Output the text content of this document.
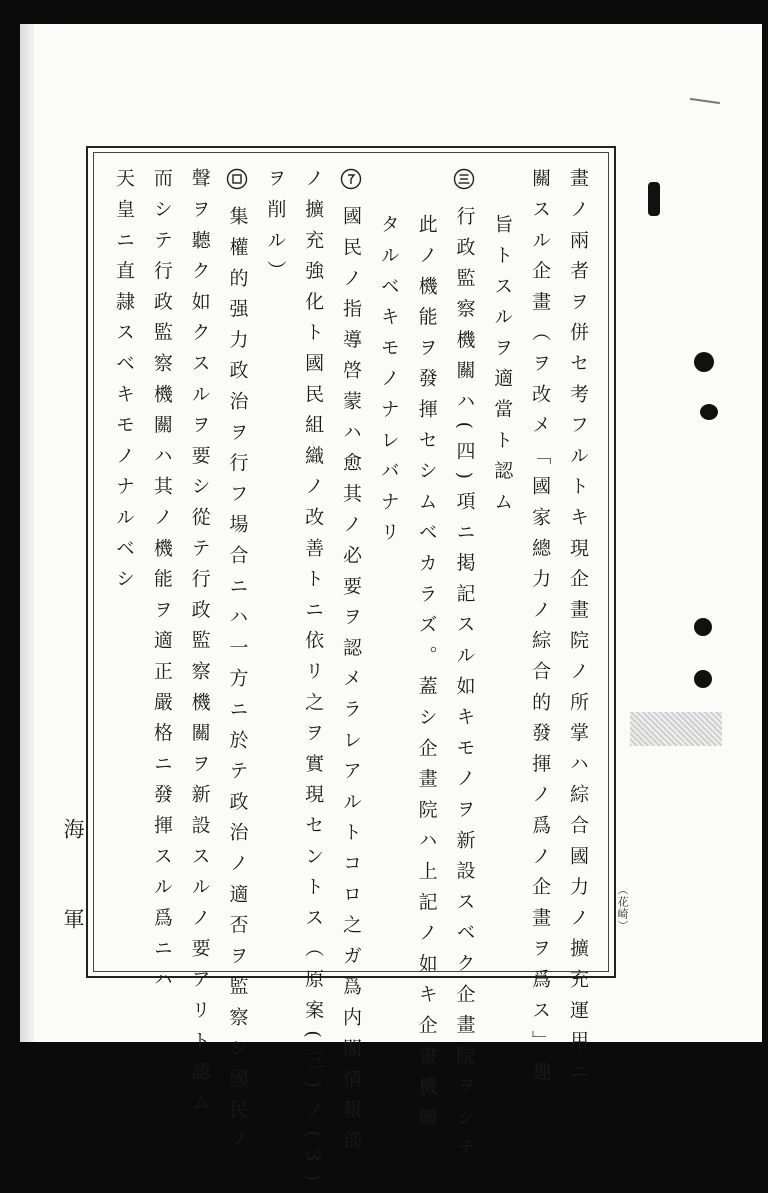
畫ノ兩者ヲ併セ考フルトキ現企畫院ノ所掌ハ綜合國力ノ擴充運用ニ
關スル企畫（ヲ改メ「國家總力ノ綜合的發揮ノ爲ノ企畫ヲ爲ス」趣
旨トスルヲ適當ト認ム
行政監察機關ハ(四)項ニ掲記スル如キモノヲ新設スベク企畫院ヲシテ
此ノ機能ヲ發揮セシムベカラズ。蓋シ企畫院ハ上記ノ如キ企畫機關
タルベキモノナレバナリ
國民ノ指導啓蒙ハ愈其ノ必要ヲ認メラレアルトコロ之ガ爲内閣情報部
ノ擴充強化ト國民組織ノ改善トニ依リ之ヲ實現セントス（原案(三)ノ(3)
ヲ削ル）
集權的强力政治ヲ行フ場合ニハ一方ニ於テ政治ノ適否ヲ監察シ國民ノ
聲ヲ聽ク如クスルヲ要シ從テ行政監察機關ヲ新設スルノ要アリト認ム
而シテ行政監察機關ハ其ノ機能ヲ適正嚴格ニ發揮スル爲ニハ
天皇ニ直隷スベキモノナルベシ
海
軍	（花崎）
